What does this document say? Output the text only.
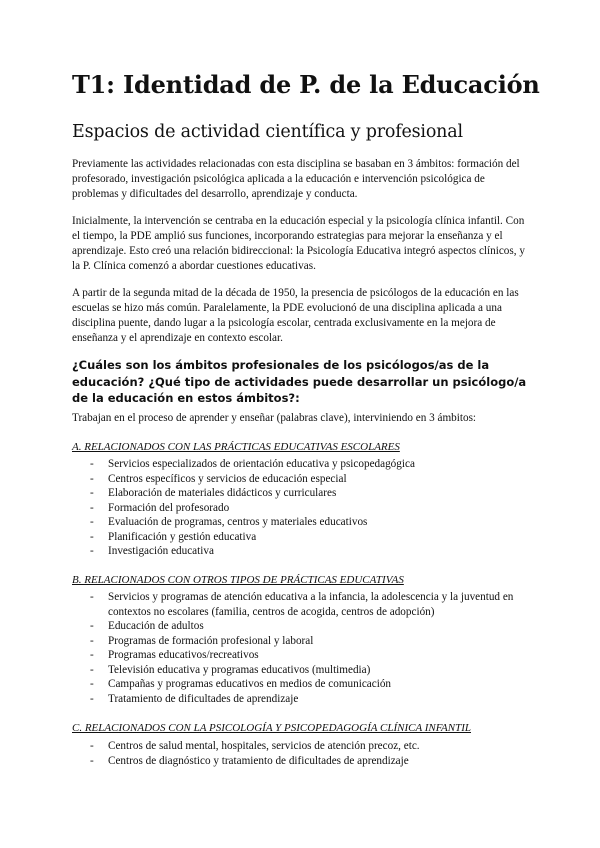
T1: Identidad de P. de la Educación
Espacios de actividad científica y profesional

Previamente las actividades relacionadas con esta disciplina se basaban en 3 ámbitos: formación del profesorado, investigación psicológica aplicada a la educación e intervención psicológica de problemas y dificultades del desarrollo, aprendizaje y conducta.

Inicialmente, la intervención se centraba en la educación especial y la psicología clínica infantil. Con el tiempo, la PDE amplió sus funciones, incorporando estrategias para mejorar la enseñanza y el aprendizaje. Esto creó una relación bidireccional: la Psicología Educativa integró aspectos clínicos, y la P. Clínica comenzó a abordar cuestiones educativas.

A partir de la segunda mitad de la década de 1950, la presencia de psicólogos de la educación en las escuelas se hizo más común. Paralelamente, la PDE evolucionó de una disciplina aplicada a una disciplina puente, dando lugar a la psicología escolar, centrada exclusivamente en la mejora de enseñanza y el aprendizaje en contexto escolar.

¿Cuáles son los ámbitos profesionales de los psicólogos/as de la educación? ¿Qué tipo de actividades puede desarrollar un psicólogo/a de la educación en estos ámbitos?:

Trabajan en el proceso de aprender y enseñar (palabras clave), interviniendo en 3 ámbitos:

A. RELACIONADOS CON LAS PRÁCTICAS EDUCATIVAS ESCOLARES

- Servicios especializados de orientación educativa y psicopedagógica
- Centros específicos y servicios de educación especial
- Elaboración de materiales didácticos y curriculares
- Formación del profesorado
- Evaluación de programas, centros y materiales educativos
- Planificación y gestión educativa
- Investigación educativa

B. RELACIONADOS CON OTROS TIPOS DE PRÁCTICAS EDUCATIVAS

- Servicios y programas de atención educativa a la infancia, la adolescencia y la juventud en contextos no escolares (familia, centros de acogida, centros de adopción)
- Educación de adultos
- Programas de formación profesional y laboral
- Programas educativos/recreativos
- Televisión educativa y programas educativos (multimedia)
- Campañas y programas educativos en medios de comunicación
- Tratamiento de dificultades de aprendizaje

C. RELACIONADOS CON LA PSICOLOGÍA Y PSICOPEDAGOGÍA CLÍNICA INFANTIL

- Centros de salud mental, hospitales, servicios de atención precoz, etc.
- Centros de diagnóstico y tratamiento de dificultades de aprendizaje
